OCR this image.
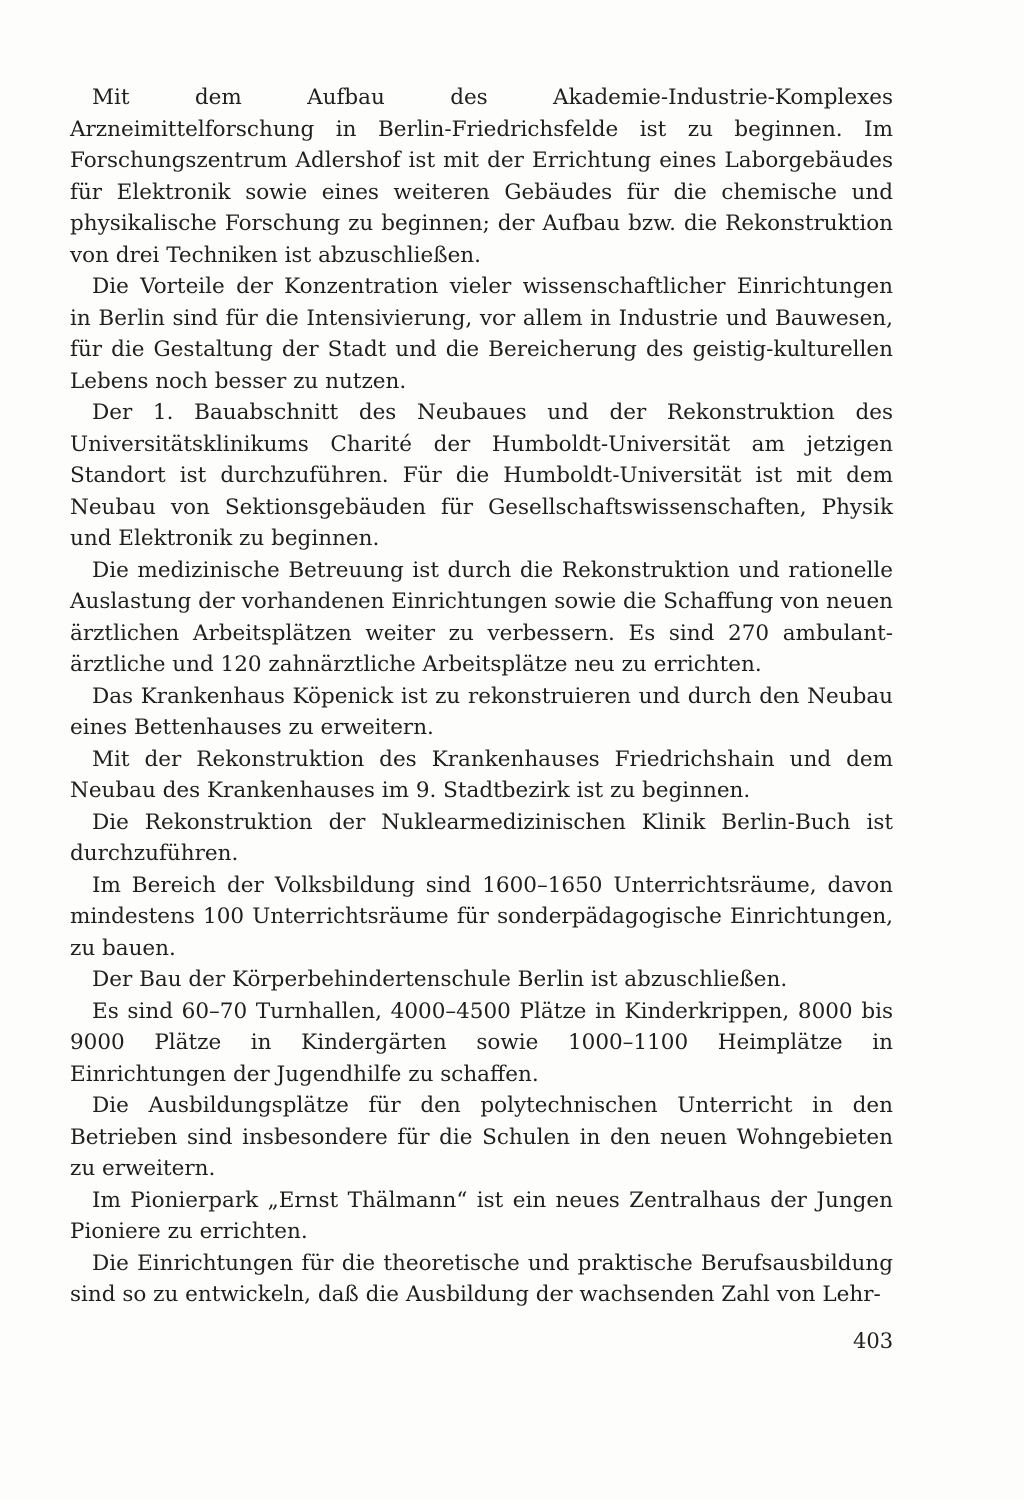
Mit dem Aufbau des Akademie-Industrie-Komplexes Arzneimittelforschung in Berlin-Friedrichsfelde ist zu beginnen. Im Forschungszentrum Adlershof ist mit der Errichtung eines Laborgebäudes für Elektronik sowie eines weiteren Gebäudes für die chemische und physikalische Forschung zu beginnen; der Aufbau bzw. die Rekonstruktion von drei Techniken ist abzuschließen.

Die Vorteile der Konzentration vieler wissenschaftlicher Einrichtungen in Berlin sind für die Intensivierung, vor allem in Industrie und Bauwesen, für die Gestaltung der Stadt und die Bereicherung des geistig-kulturellen Lebens noch besser zu nutzen.

Der 1. Bauabschnitt des Neubaues und der Rekonstruktion des Universitätsklinikums Charité der Humboldt-Universität am jetzigen Standort ist durchzuführen. Für die Humboldt-Universität ist mit dem Neubau von Sektionsgebäuden für Gesellschaftswissenschaften, Physik und Elektronik zu beginnen.

Die medizinische Betreuung ist durch die Rekonstruktion und rationelle Auslastung der vorhandenen Einrichtungen sowie die Schaffung von neuen ärztlichen Arbeitsplätzen weiter zu verbessern. Es sind 270 ambulant-ärztliche und 120 zahnärztliche Arbeitsplätze neu zu errichten.

Das Krankenhaus Köpenick ist zu rekonstruieren und durch den Neubau eines Bettenhauses zu erweitern.

Mit der Rekonstruktion des Krankenhauses Friedrichshain und dem Neubau des Krankenhauses im 9. Stadtbezirk ist zu beginnen.

Die Rekonstruktion der Nuklearmedizinischen Klinik Berlin-Buch ist durchzuführen.

Im Bereich der Volksbildung sind 1600–1650 Unterrichtsräume, davon mindestens 100 Unterrichtsräume für sonderpädagogische Einrichtungen, zu bauen.

Der Bau der Körperbehindertenschule Berlin ist abzuschließen.

Es sind 60–70 Turnhallen, 4000–4500 Plätze in Kinderkrippen, 8000 bis 9000 Plätze in Kindergärten sowie 1000–1100 Heimplätze in Einrichtungen der Jugendhilfe zu schaffen.

Die Ausbildungsplätze für den polytechnischen Unterricht in den Betrieben sind insbesondere für die Schulen in den neuen Wohngebieten zu erweitern.

Im Pionierpark „Ernst Thälmann“ ist ein neues Zentralhaus der Jungen Pioniere zu errichten.

Die Einrichtungen für die theoretische und praktische Berufsausbildung sind so zu entwickeln, daß die Ausbildung der wachsenden Zahl von Lehr-

403
